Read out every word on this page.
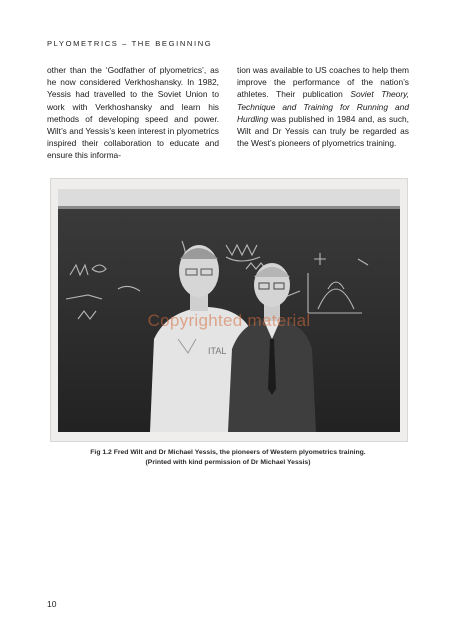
PLYOMETRICS – THE BEGINNING

other than the ‘Godfather of plyometrics’, as he now considered Verkhoshansky. In 1982, Yessis had travelled to the Soviet Union to work with Verkhoshansky and learn his methods of developing speed and power. Wilt’s and Yessis’s keen interest in plyometrics inspired their collaboration to educate and ensure this informa-

tion was available to US coaches to help them improve the performance of the nation’s athletes. Their publication Soviet Theory, Technique and Training for Running and Hurdling was published in 1984 and, as such, Wilt and Dr Yessis can truly be regarded as the West’s pioneers of plyometrics training.

ITAL
Copyrighted material
Fig 1.2 Fred Wilt and Dr Michael Yessis, the pioneers of Western plyometrics training.
(Printed with kind permission of Dr Michael Yessis)
10
